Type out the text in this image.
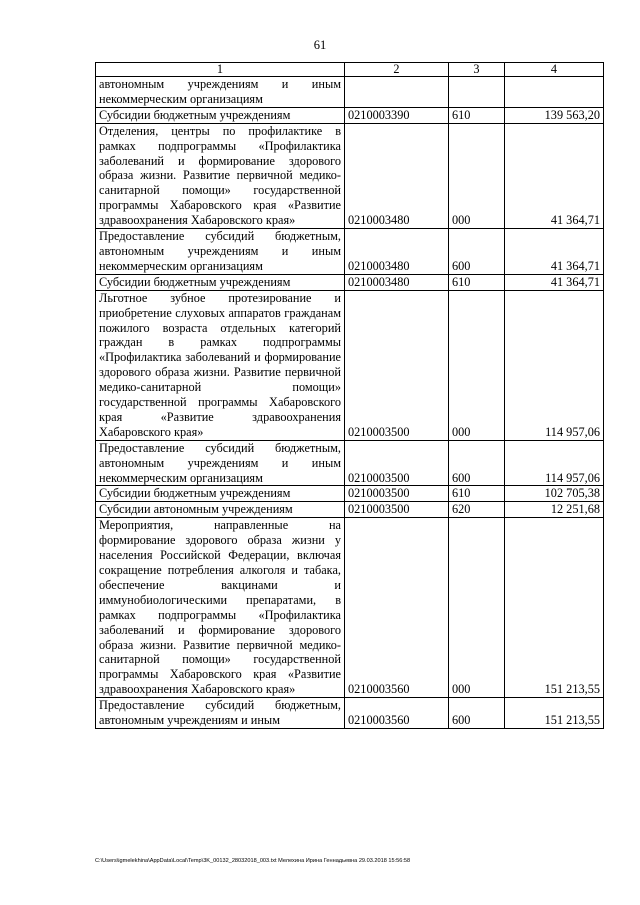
61
1	2	3	4
автономным учреждениям и иным некоммерческим организациям			
Субсидии бюджетным учреждениям	0210003390	610	139 563,20
Отделения, центры по профилактике в рамках подпрограммы «Профилактика заболеваний и формирование здорового образа жизни. Развитие первичной медико-санитарной помощи» государственной программы Хабаровского края «Развитие здравоохранения Хабаровского края»	0210003480	000	41 364,71
Предоставление субсидий бюджетным, автономным учреждениям и иным некоммерческим организациям	0210003480	600	41 364,71
Субсидии бюджетным учреждениям	0210003480	610	41 364,71
Льготное зубное протезирование и приобретение слуховых аппаратов гражданам пожилого возраста отдельных категорий граждан в рамках подпрограммы «Профилактика заболеваний и формирование здорового образа жизни. Развитие первичной медико-санитарной помощи» государственной программы Хабаровского края «Развитие здравоохранения Хабаровского края»	0210003500	000	114 957,06
Предоставление субсидий бюджетным, автономным учреждениям и иным некоммерческим организациям	0210003500	600	114 957,06
Субсидии бюджетным учреждениям	0210003500	610	102 705,38
Субсидии автономным учреждениям	0210003500	620	12 251,68
Мероприятия, направленные на формирование здорового образа жизни у населения Российской Федерации, включая сокращение потребления алкоголя и табака, обеспечение вакцинами и иммунобиологическими препаратами, в рамках подпрограммы «Профилактика заболеваний и формирование здорового образа жизни. Развитие первичной медико-санитарной помощи» государственной программы Хабаровского края «Развитие здравоохранения Хабаровского края»	0210003560	000	151 213,55
Предоставление субсидий бюджетным, автономным учреждениям и иным	0210003560	600	151 213,55
C:\Users\igmelekhina\AppData\Local\Temp\3K_00132_28032018_003.txt Мелехина Ирина Геннадьевна 29.03.2018 15:56:58
